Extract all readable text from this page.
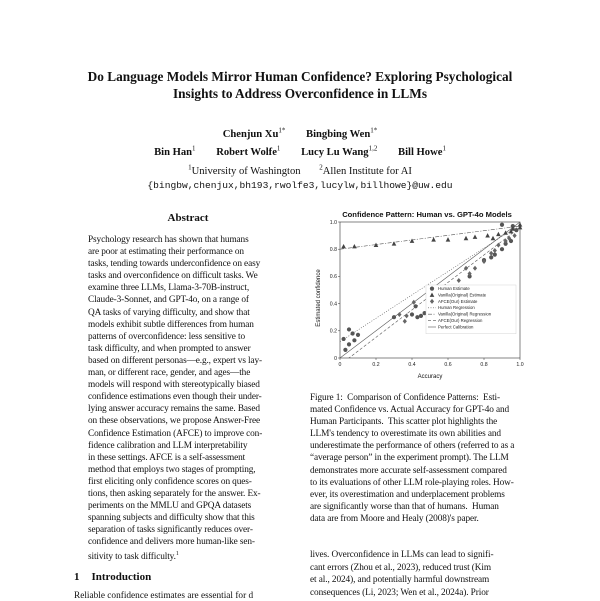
Do Language Models Mirror Human Confidence? Exploring Psychological
Insights to Address Overconfidence in LLMs
Chenjun $Xu^{1*}$ Bingbing Wen$^{1*}$
Bin Han$^1$ Robert Wolfe$^1$ Lucy Lu Wang$^{1,2}$ Bill Howe$^1$
$^1$University of Washington	$^2$Allen Institute for AI
{bingbw,chenjux,bh193,rwolfe3,lucylw,billhowe}@uw.edu
Abstract

Psychology research has shown that humans
are poor at estimating their performance on
tasks, tending towards underconfidence on easy
tasks and overconfidence on difficult tasks. We
examine three LLMs, Llama-3-70B-instruct,
Claude-3-Sonnet, and GPT-4o, on a range of
QA tasks of varying difficulty, and show that
models exhibit subtle differences from human
patterns of overconfidence: less sensitive to
task difficulty, and when prompted to answer
based on different personas—e.g., expert vs lay-
man, or different race, gender, and ages—the
models will respond with stereotypically biased
confidence estimations even though their under-
lying answer accuracy remains the same. Based
on these observations, we propose Answer-Free
Confidence Estimation (AFCE) to improve con-
fidence calibration and LLM interpretability
in these settings. AFCE is a self-assessment
method that employs two stages of prompting,
first eliciting only confidence scores on ques-
tions, then asking separately for the answer. Ex-
periments on the MMLU and GPQA datasets
spanning subjects and difficulty show that this
separation of tasks significantly reduces over-
confidence and delivers more human-like sen-
sitivity to task difficulty.$^1$

1 Introduction
Reliable confidence estimates are essential for d
Confidence Pattern: Human vs. GPT-4o Models
Estimated confidence
Accuracy
0	0.2	0.4	0.6	0.8	1.0
0
0.2
0.4
0.6
0.8
1.0
Human Estimate
Vanilla(Original) Estimate
AFCE(Our) Estimate
Human Regression
Vanilla(Original) Regression
AFCE(Our) Regression
Perfect Calibration

Figure 1:  Comparison of Confidence Patterns:  Esti-
mated Confidence vs. Actual Accuracy for GPT-4o and
Human Participants.  This scatter plot highlights the
LLM's tendency to overestimate its own abilities and
underestimate the performance of others (referred to as a
“average person” in the experiment prompt). The LLM
demonstrates more accurate self-assessment compared
to its evaluations of other LLM role-playing roles. How-
ever, its overestimation and underplacement problems
are significantly worse than that of humans.  Human
data are from Moore and Healy (2008)'s paper.

lives. Overconfidence in LLMs can lead to signifi-
cant errors (Zhou et al., 2023), reduced trust (Kim
et al., 2024), and potentially harmful downstream
consequences (Li, 2023; Wen et al., 2024a). Prior
